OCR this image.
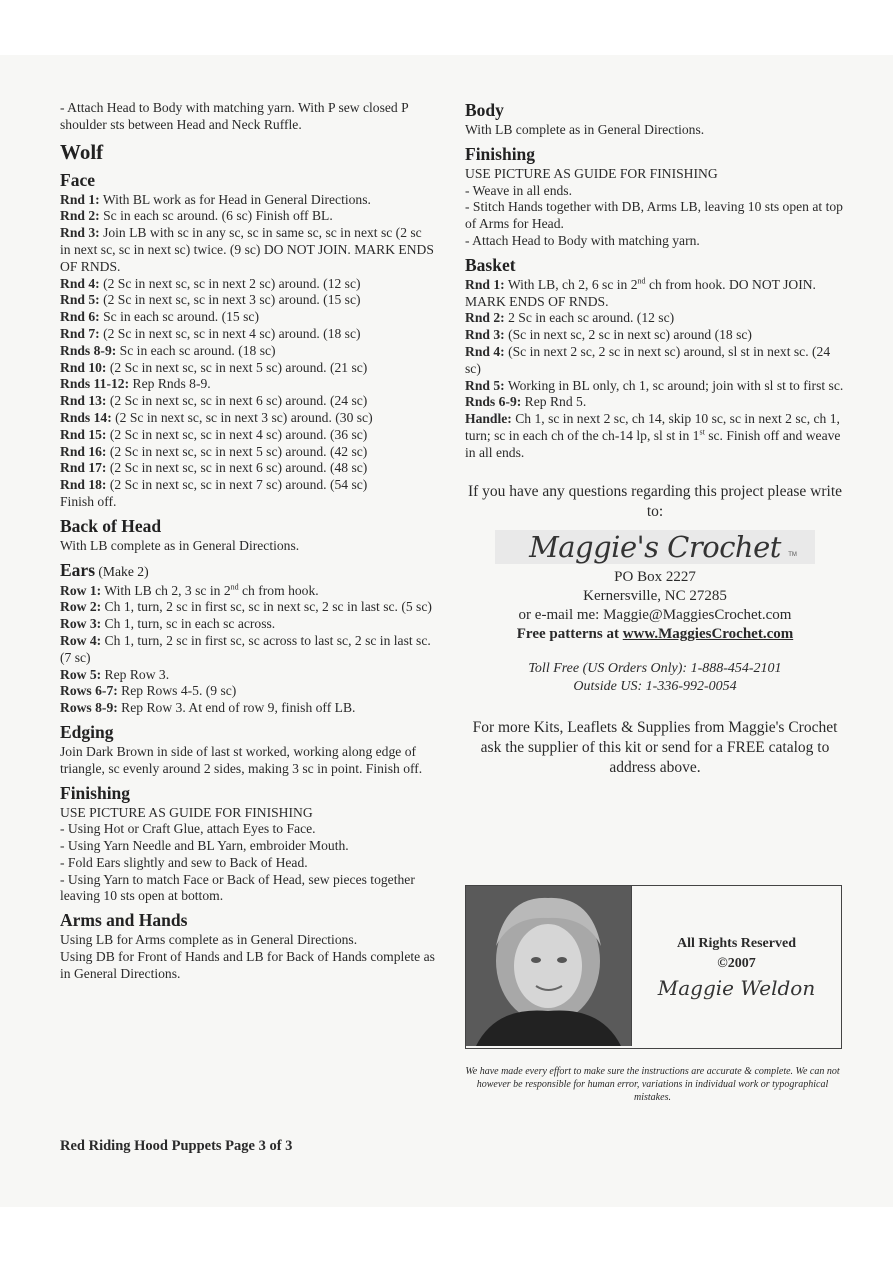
- Attach Head to Body with matching yarn. With P sew closed P shoulder sts between Head and Neck Ruffle.

Wolf
Face

Rnd 1: With BL work as for Head in General Directions.

Rnd 2: Sc in each sc around. (6 sc) Finish off BL.

Rnd 3: Join LB with sc in any sc, sc in same sc, sc in next sc (2 sc in next sc, sc in next sc) twice. (9 sc) DO NOT JOIN. MARK ENDS OF RNDS.

Rnd 4: (2 Sc in next sc, sc in next 2 sc) around. (12 sc)

Rnd 5: (2 Sc in next sc, sc in next 3 sc) around. (15 sc)

Rnd 6: Sc in each sc around. (15 sc)

Rnd 7: (2 Sc in next sc, sc in next 4 sc) around. (18 sc)

Rnds 8-9: Sc in each sc around. (18 sc)

Rnd 10: (2 Sc in next sc, sc in next 5 sc) around. (21 sc)

Rnds 11-12: Rep Rnds 8-9.

Rnd 13: (2 Sc in next sc, sc in next 6 sc) around. (24 sc)

Rnds 14: (2 Sc in next sc, sc in next 3 sc) around. (30 sc)

Rnd 15: (2 Sc in next sc, sc in next 4 sc) around. (36 sc)

Rnd 16: (2 Sc in next sc, sc in next 5 sc) around. (42 sc)

Rnd 17: (2 Sc in next sc, sc in next 6 sc) around. (48 sc)

Rnd 18: (2 Sc in next sc, sc in next 7 sc) around. (54 sc)

Finish off.

Back of Head

With LB complete as in General Directions.

Ears (Make 2)

Row 1: With LB ch 2, 3 sc in 2nd ch from hook.

Row 2: Ch 1, turn, 2 sc in first sc, sc in next sc, 2 sc in last sc. (5 sc)

Row 3: Ch 1, turn, sc in each sc across.

Row 4: Ch 1, turn, 2 sc in first sc, sc across to last sc, 2 sc in last sc. (7 sc)

Row 5: Rep Row 3.

Rows 6-7: Rep Rows 4-5. (9 sc)

Rows 8-9: Rep Row 3. At end of row 9, finish off LB.

Edging

Join Dark Brown in side of last st worked, working along edge of triangle, sc evenly around 2 sides, making 3 sc in point. Finish off.

Finishing

USE PICTURE AS GUIDE FOR FINISHING

- Using Hot or Craft Glue, attach Eyes to Face.

- Using Yarn Needle and BL Yarn, embroider Mouth.

- Fold Ears slightly and sew to Back of Head.

- Using Yarn to match Face or Back of Head, sew pieces together leaving 10 sts open at bottom.

Arms and Hands

Using LB for Arms complete as in General Directions.

Using DB for Front of Hands and LB for Back of Hands complete as in General Directions.

Body

With LB complete as in General Directions.

Finishing

USE PICTURE AS GUIDE FOR FINISHING

- Weave in all ends.

- Stitch Hands together with DB, Arms LB, leaving 10 sts open at top of Arms for Head.

- Attach Head to Body with matching yarn.

Basket

Rnd 1: With LB, ch 2, 6 sc in 2nd ch from hook. DO NOT JOIN. MARK ENDS OF RNDS.

Rnd 2: 2 Sc in each sc around. (12 sc)

Rnd 3: (Sc in next sc, 2 sc in next sc) around (18 sc)

Rnd 4: (Sc in next 2 sc, 2 sc in next sc) around, sl st in next sc. (24 sc)

Rnd 5: Working in BL only, ch 1, sc around; join with sl st to first sc.

Rnds 6-9: Rep Rnd 5.

Handle: Ch 1, sc in next 2 sc, ch 14, skip 10 sc, sc in next 2 sc, ch 1, turn; sc in each ch of the ch-14 lp, sl st in 1st sc. Finish off and weave in all ends.

If you have any questions regarding this project please write to:

Maggie's Crochet TM

PO Box 2227

Kernersville, NC 27285

or e-mail me: Maggie@MaggiesCrochet.com

Free patterns at www.MaggiesCrochet.com

Toll Free (US Orders Only): 1-888-454-2101

Outside US: 1-336-992-0054

For more Kits, Leaflets & Supplies from Maggie's Crochet ask the supplier of this kit or send for a FREE catalog to address above.

All Rights Reserved
©2007
Maggie Weldon

We have made every effort to make sure the instructions are accurate & complete. We can not however be responsible for human error, variations in individual work or typographical mistakes.

Red Riding Hood Puppets Page 3 of 3
